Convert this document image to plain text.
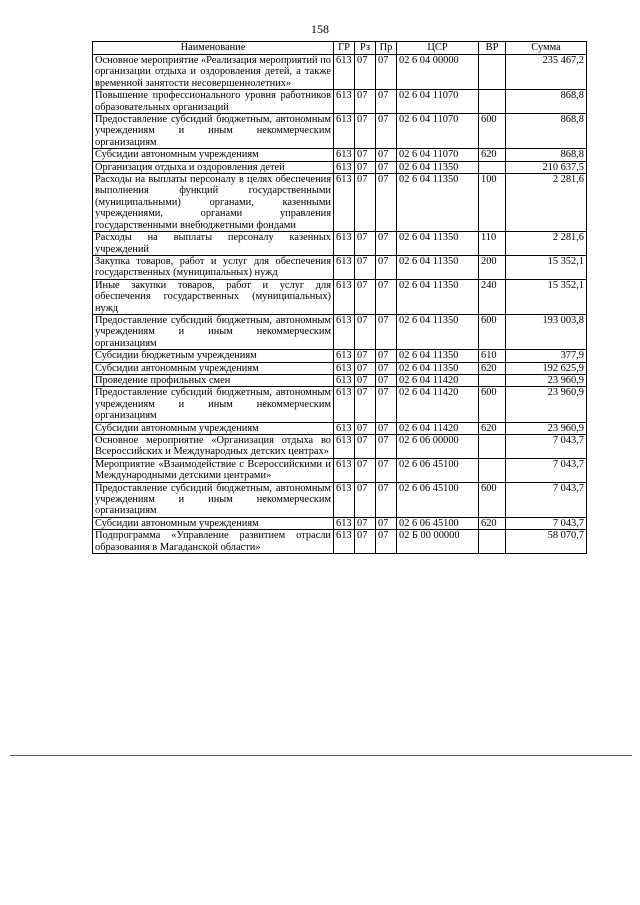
158
Наименование	ГР	Рз	Пр	ЦСР	ВР	Сумма
Основное мероприятие «Реализация мероприятий по организации отдыха и оздоровления детей, а также временной занятости несовершеннолетних»	613	07	07	02 6 04 00000		235 467,2
Повышение профессионального уровня работников образовательных организаций	613	07	07	02 6 04 11070		868,8
Предоставление субсидий бюджетным, автономным учреждениям и иным некоммерческим организациям	613	07	07	02 6 04 11070	600	868,8
Субсидии автономным учреждениям	613	07	07	02 6 04 11070	620	868,8
Организация отдыха и оздоровления детей	613	07	07	02 6 04 11350		210 637,5
Расходы на выплаты персоналу в целях обеспечения выполнения функций государственными (муниципальными) органами, казенными учреждениями, органами управления государственными внебюджетными фондами	613	07	07	02 6 04 11350	100	2 281,6
Расходы на выплаты персоналу казенных учреждений	613	07	07	02 6 04 11350	110	2 281,6
Закупка товаров, работ и услуг для обеспечения государственных (муниципальных) нужд	613	07	07	02 6 04 11350	200	15 352,1
Иные закупки товаров, работ и услуг для обеспечения государственных (муниципальных) нужд	613	07	07	02 6 04 11350	240	15 352,1
Предоставление субсидий бюджетным, автономным учреждениям и иным некоммерческим организациям	613	07	07	02 6 04 11350	600	193 003,8
Субсидии бюджетным учреждениям	613	07	07	02 6 04 11350	610	377,9
Субсидии автономным учреждениям	613	07	07	02 6 04 11350	620	192 625,9
Проведение профильных смен	613	07	07	02 6 04 11420		23 960,9
Предоставление субсидий бюджетным, автономным учреждениям и иным некоммерческим организациям	613	07	07	02 6 04 11420	600	23 960,9
Субсидии автономным учреждениям	613	07	07	02 6 04 11420	620	23 960,9
Основное мероприятие «Организация отдыха во Всероссийских и Международных детских центрах»	613	07	07	02 6 06 00000		7 043,7
Мероприятие «Взаимодействие с Всероссийскими и Международными детскими центрами»	613	07	07	02 6 06 45100		7 043,7
Предоставление субсидий бюджетным, автономным учреждениям и иным некоммерческим организациям	613	07	07	02 6 06 45100	600	7 043,7
Субсидии автономным учреждениям	613	07	07	02 6 06 45100	620	7 043,7
Подпрограмма «Управление развитием отрасли образования в Магаданской области»	613	07	07	02 Б 00 00000		58 070,7
